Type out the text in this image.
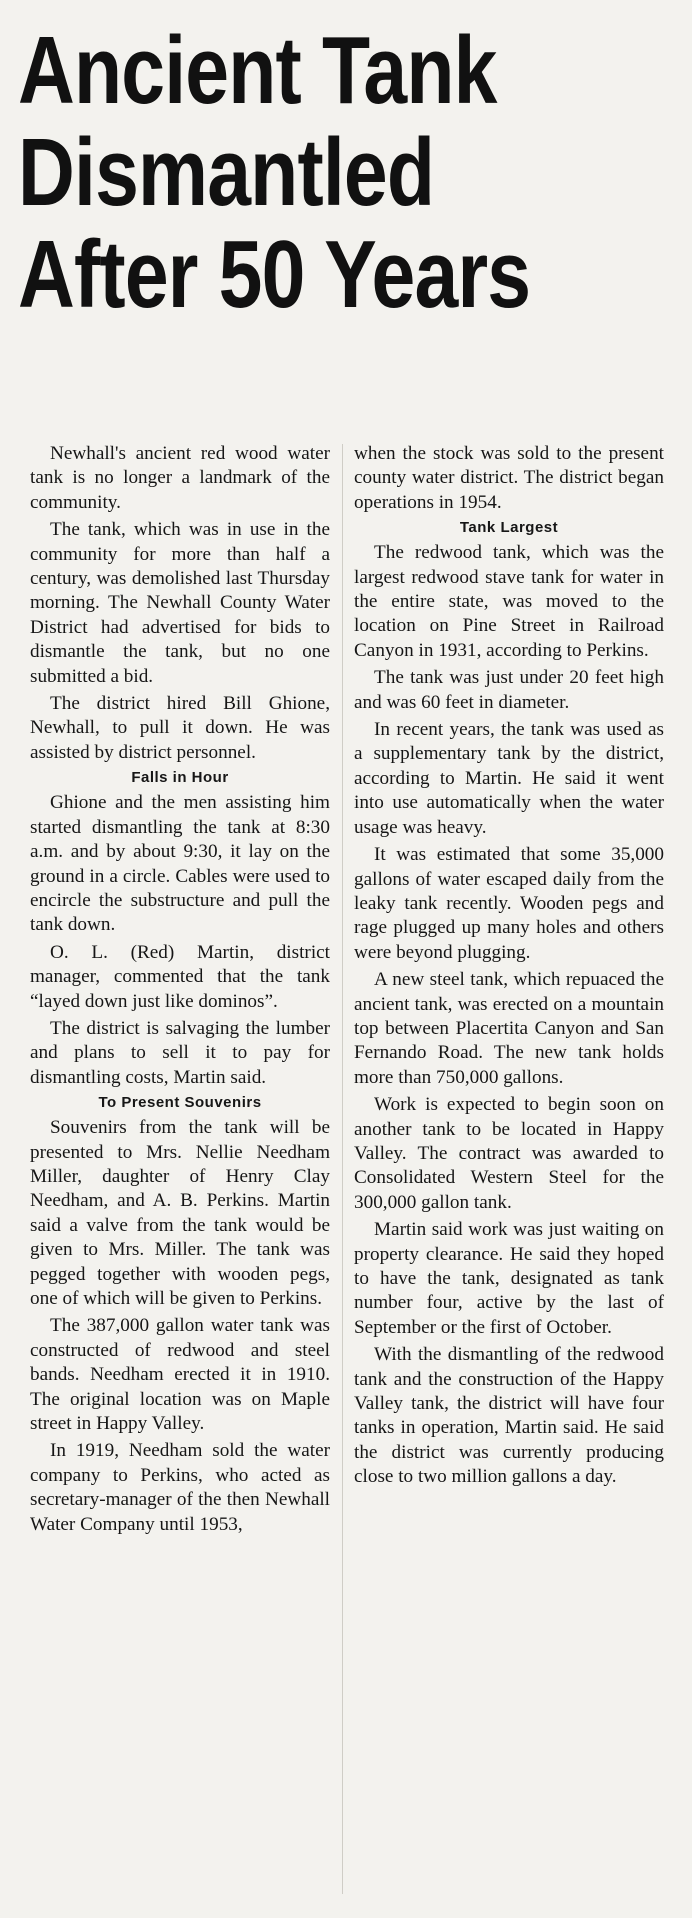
Ancient Tank
Dismantled
After 50 Years

Newhall's ancient red wood water tank is no longer a landmark of the community.

The tank, which was in use in the community for more than half a century, was demolished last Thursday morning. The Newhall County Water District had advertised for bids to dismantle the tank, but no one submitted a bid.

The district hired Bill Ghione, Newhall, to pull it down. He was assisted by district personnel.

Falls in Hour

Ghione and the men assisting him started dismantling the tank at 8:30 a.m. and by about 9:30, it lay on the ground in a circle. Cables were used to encircle the substructure and pull the tank down.

O. L. (Red) Martin, district manager, commented that the tank “layed down just like dominos”.

The district is salvaging the lumber and plans to sell it to pay for dismantling costs, Martin said.

To Present Souvenirs

Souvenirs from the tank will be presented to Mrs. Nellie Needham Miller, daughter of Henry Clay Needham, and A. B. Perkins. Martin said a valve from the tank would be given to Mrs. Miller. The tank was pegged together with wooden pegs, one of which will be given to Perkins.

The 387,000 gallon water tank was constructed of redwood and steel bands. Needham erected it in 1910. The original location was on Maple street in Happy Valley.

In 1919, Needham sold the water company to Perkins, who acted as secretary-manager of the then Newhall Water Company until 1953,

when the stock was sold to the present county water district. The district began operations in 1954.

Tank Largest

The redwood tank, which was the largest redwood stave tank for water in the entire state, was moved to the location on Pine Street in Railroad Canyon in 1931, according to Perkins.

The tank was just under 20 feet high and was 60 feet in diameter.

In recent years, the tank was used as a supplementary tank by the district, according to Martin. He said it went into use automatically when the water usage was heavy.

It was estimated that some 35,000 gallons of water escaped daily from the leaky tank recently. Wooden pegs and rage plugged up many holes and others were beyond plugging.

A new steel tank, which repuaced the ancient tank, was erected on a mountain top between Placertita Canyon and San Fernando Road. The new tank holds more than 750,000 gallons.

Work is expected to begin soon on another tank to be located in Happy Valley. The contract was awarded to Consolidated Western Steel for the 300,000 gallon tank.

Martin said work was just waiting on property clearance. He said they hoped to have the tank, designated as tank number four, active by the last of September or the first of October.

With the dismantling of the redwood tank and the construction of the Happy Valley tank, the district will have four tanks in operation, Martin said. He said the district was currently producing close to two million gallons a day.
